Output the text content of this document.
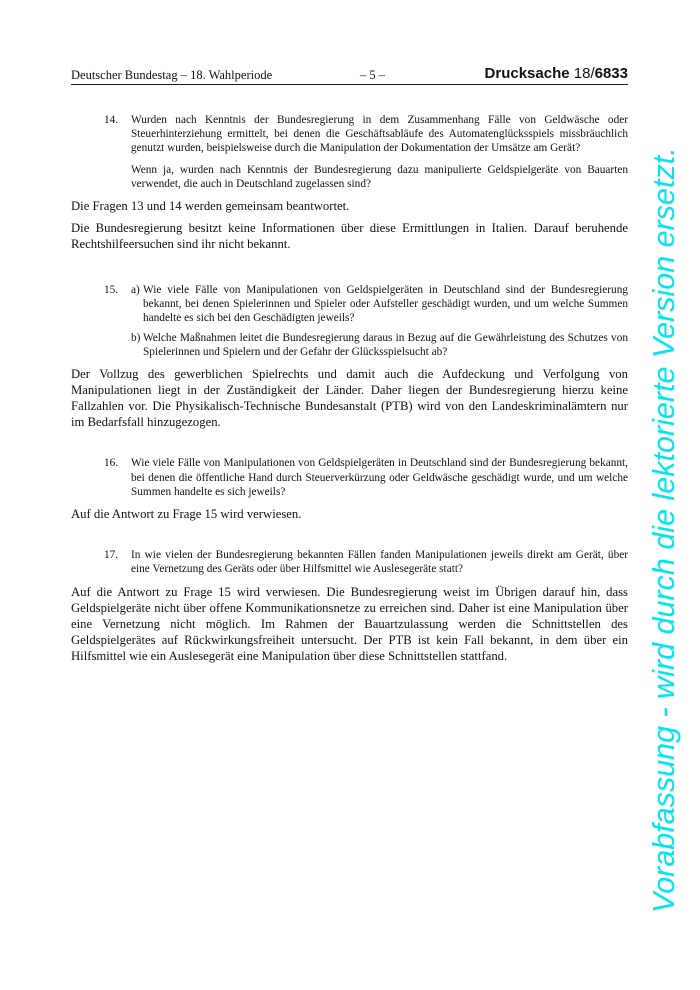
Deutscher Bundestag – 18. Wahlperiode	– 5 –	Drucksache 18/6833
14. Wurden nach Kenntnis der Bundesregierung in dem Zusammenhang Fälle von Geldwäsche oder Steuerhinterziehung ermittelt, bei denen die Geschäftsabläufe des Automatenglücksspiels missbräuchlich genutzt wurden, beispielsweise durch die Manipulation der Dokumentation der Umsätze am Gerät?

Wenn ja, wurden nach Kenntnis der Bundesregierung dazu manipulierte Geldspielgeräte von Bauarten verwendet, die auch in Deutschland zugelassen sind?

Die Fragen 13 und 14 werden gemeinsam beantwortet.

Die Bundesregierung besitzt keine Informationen über diese Ermittlungen in Italien. Darauf beruhende Rechtshilfeersuchen sind ihr nicht bekannt.

15. a) Wie viele Fälle von Manipulationen von Geldspielgeräten in Deutschland sind der Bundesregierung bekannt, bei denen Spielerinnen und Spieler oder Aufsteller geschädigt wurden, und um welche Summen handelte es sich bei den Geschädigten jeweils?
b) Welche Maßnahmen leitet die Bundesregierung daraus in Bezug auf die Gewährleistung des Schutzes von Spielerinnen und Spielern und der Gefahr der Glücksspielsucht ab?

Der Vollzug des gewerblichen Spielrechts und damit auch die Aufdeckung und Verfolgung von Manipulationen liegt in der Zuständigkeit der Länder. Daher liegen der Bundesregierung hierzu keine Fallzahlen vor. Die Physikalisch-Technische Bundesanstalt (PTB) wird von den Landeskriminalämtern nur im Bedarfsfall hinzugezogen.

16. Wie viele Fälle von Manipulationen von Geldspielgeräten in Deutschland sind der Bundesregierung bekannt, bei denen die öffentliche Hand durch Steuerverkürzung oder Geldwäsche geschädigt wurde, und um welche Summen handelte es sich jeweils?

Auf die Antwort zu Frage 15 wird verwiesen.

17. In wie vielen der Bundesregierung bekannten Fällen fanden Manipulationen jeweils direkt am Gerät, über eine Vernetzung des Geräts oder über Hilfsmittel wie Auslesegeräte statt?

Auf die Antwort zu Frage 15 wird verwiesen. Die Bundesregierung weist im Übrigen darauf hin, dass Geldspielgeräte nicht über offene Kommunikationsnetze zu erreichen sind. Daher ist eine Manipulation über eine Vernetzung nicht möglich. Im Rahmen der Bauartzulassung werden die Schnittstellen des Geldspielgerätes auf Rückwirkungsfreiheit untersucht. Der PTB ist kein Fall bekannt, in dem über ein Hilfsmittel wie ein Auslesegerät eine Manipulation über diese Schnittstellen stattfand.	Vorabfassung - wird durch die lektorierte Version ersetzt.
